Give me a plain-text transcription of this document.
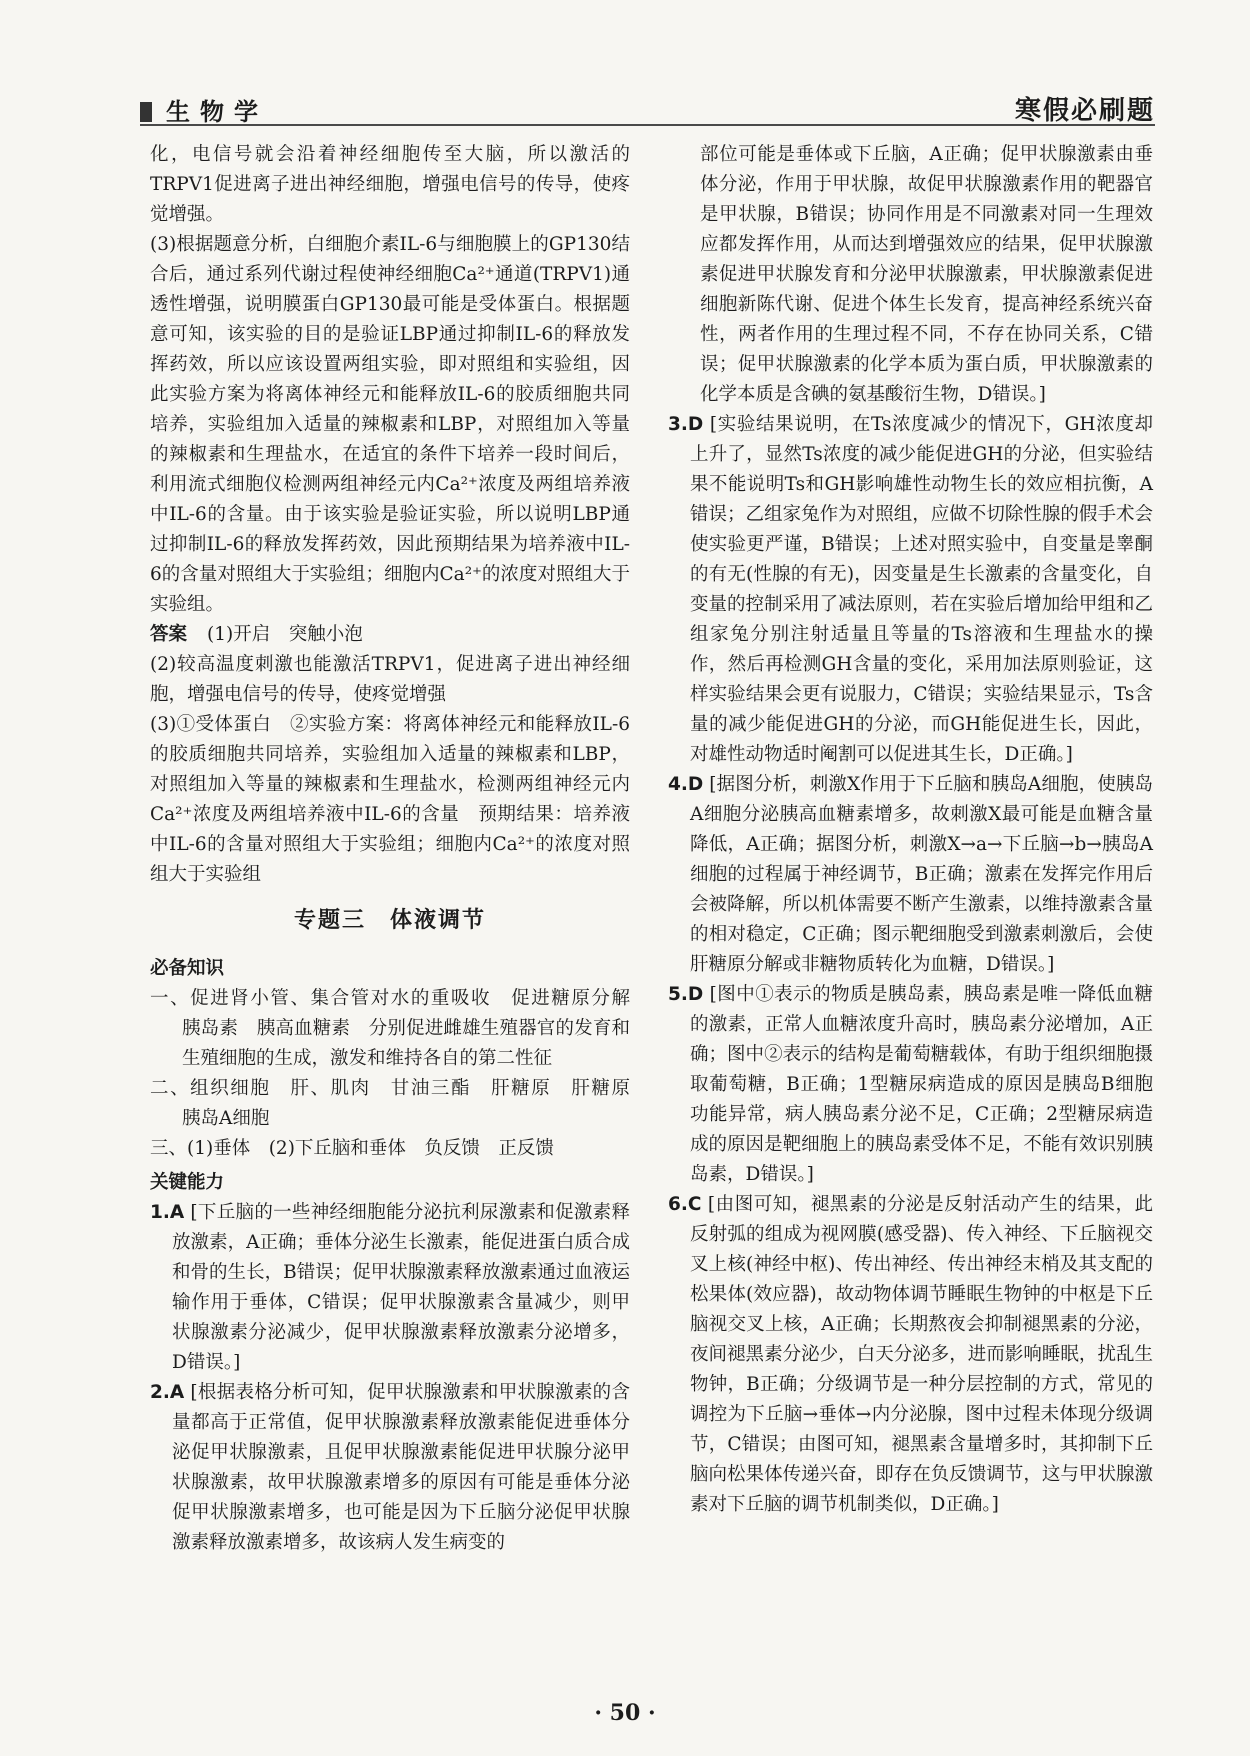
生物学	寒假必刷题

化，电信号就会沿着神经细胞传至大脑，所以激活的TRPV1促进离子进出神经细胞，增强电信号的传导，使疼觉增强。

(3)根据题意分析，白细胞介素IL-6与细胞膜上的GP130结合后，通过系列代谢过程使神经细胞Ca²⁺通道(TRPV1)通透性增强，说明膜蛋白GP130最可能是受体蛋白。根据题意可知，该实验的目的是验证LBP通过抑制IL-6的释放发挥药效，所以应该设置两组实验，即对照组和实验组，因此实验方案为将离体神经元和能释放IL-6的胶质细胞共同培养，实验组加入适量的辣椒素和LBP，对照组加入等量的辣椒素和生理盐水，在适宜的条件下培养一段时间后，利用流式细胞仪检测两组神经元内Ca²⁺浓度及两组培养液中IL-6的含量。由于该实验是验证实验，所以说明LBP通过抑制IL-6的释放发挥药效，因此预期结果为培养液中IL-6的含量对照组大于实验组；细胞内Ca²⁺的浓度对照组大于实验组。

答案 (1)开启　突触小泡

(2)较高温度刺激也能激活TRPV1，促进离子进出神经细胞，增强电信号的传导，使疼觉增强

(3)①受体蛋白　②实验方案：将离体神经元和能释放IL-6的胶质细胞共同培养，实验组加入适量的辣椒素和LBP，对照组加入等量的辣椒素和生理盐水，检测两组神经元内Ca²⁺浓度及两组培养液中IL-6的含量　预期结果：培养液中IL-6的含量对照组大于实验组；细胞内Ca²⁺的浓度对照组大于实验组

专题三　体液调节
必备知识

一、促进肾小管、集合管对水的重吸收　促进糖原分解　胰岛素　胰高血糖素　分别促进雌雄生殖器官的发育和生殖细胞的生成，激发和维持各自的第二性征

二、组织细胞　肝、肌肉　甘油三酯　肝糖原　肝糖原　胰岛A细胞

三、(1)垂体　(2)下丘脑和垂体　负反馈　正反馈

关键能力

1.A [下丘脑的一些神经细胞能分泌抗利尿激素和促激素释放激素，A正确；垂体分泌生长激素，能促进蛋白质合成和骨的生长，B错误；促甲状腺激素释放激素通过血液运输作用于垂体，C错误；促甲状腺激素含量减少，则甲状腺激素分泌减少，促甲状腺激素释放激素分泌增多，D错误。]

2.A [根据表格分析可知，促甲状腺激素和甲状腺激素的含量都高于正常值，促甲状腺激素释放激素能促进垂体分泌促甲状腺激素，且促甲状腺激素能促进甲状腺分泌甲状腺激素，故甲状腺激素增多的原因有可能是垂体分泌促甲状腺激素增多，也可能是因为下丘脑分泌促甲状腺激素释放激素增多，故该病人发生病变的

部位可能是垂体或下丘脑，A正确；促甲状腺激素由垂体分泌，作用于甲状腺，故促甲状腺激素作用的靶器官是甲状腺，B错误；协同作用是不同激素对同一生理效应都发挥作用，从而达到增强效应的结果，促甲状腺激素促进甲状腺发育和分泌甲状腺激素，甲状腺激素促进细胞新陈代谢、促进个体生长发育，提高神经系统兴奋性，两者作用的生理过程不同，不存在协同关系，C错误；促甲状腺激素的化学本质为蛋白质，甲状腺激素的化学本质是含碘的氨基酸衍生物，D错误。]

3.D [实验结果说明，在Ts浓度减少的情况下，GH浓度却上升了，显然Ts浓度的减少能促进GH的分泌，但实验结果不能说明Ts和GH影响雄性动物生长的效应相抗衡，A错误；乙组家兔作为对照组，应做不切除性腺的假手术会使实验更严谨，B错误；上述对照实验中，自变量是睾酮的有无(性腺的有无)，因变量是生长激素的含量变化，自变量的控制采用了减法原则，若在实验后增加给甲组和乙组家兔分别注射适量且等量的Ts溶液和生理盐水的操作，然后再检测GH含量的变化，采用加法原则验证，这样实验结果会更有说服力，C错误；实验结果显示，Ts含量的减少能促进GH的分泌，而GH能促进生长，因此，对雄性动物适时阉割可以促进其生长，D正确。]

4.D [据图分析，刺激X作用于下丘脑和胰岛A细胞，使胰岛A细胞分泌胰高血糖素增多，故刺激X最可能是血糖含量降低，A正确；据图分析，刺激X→a→下丘脑→b→胰岛A细胞的过程属于神经调节，B正确；激素在发挥完作用后会被降解，所以机体需要不断产生激素，以维持激素含量的相对稳定，C正确；图示靶细胞受到激素刺激后，会使肝糖原分解或非糖物质转化为血糖，D错误。]

5.D [图中①表示的物质是胰岛素，胰岛素是唯一降低血糖的激素，正常人血糖浓度升高时，胰岛素分泌增加，A正确；图中②表示的结构是葡萄糖载体，有助于组织细胞摄取葡萄糖，B正确；1型糖尿病造成的原因是胰岛B细胞功能异常，病人胰岛素分泌不足，C正确；2型糖尿病造成的原因是靶细胞上的胰岛素受体不足，不能有效识别胰岛素，D错误。]

6.C [由图可知，褪黑素的分泌是反射活动产生的结果，此反射弧的组成为视网膜(感受器)、传入神经、下丘脑视交叉上核(神经中枢)、传出神经、传出神经末梢及其支配的松果体(效应器)，故动物体调节睡眠生物钟的中枢是下丘脑视交叉上核，A正确；长期熬夜会抑制褪黑素的分泌，夜间褪黑素分泌少，白天分泌多，进而影响睡眠，扰乱生物钟，B正确；分级调节是一种分层控制的方式，常见的调控为下丘脑→垂体→内分泌腺，图中过程未体现分级调节，C错误；由图可知，褪黑素含量增多时，其抑制下丘脑向松果体传递兴奋，即存在负反馈调节，这与甲状腺激素对下丘脑的调节机制类似，D正确。]

· 50 ·
